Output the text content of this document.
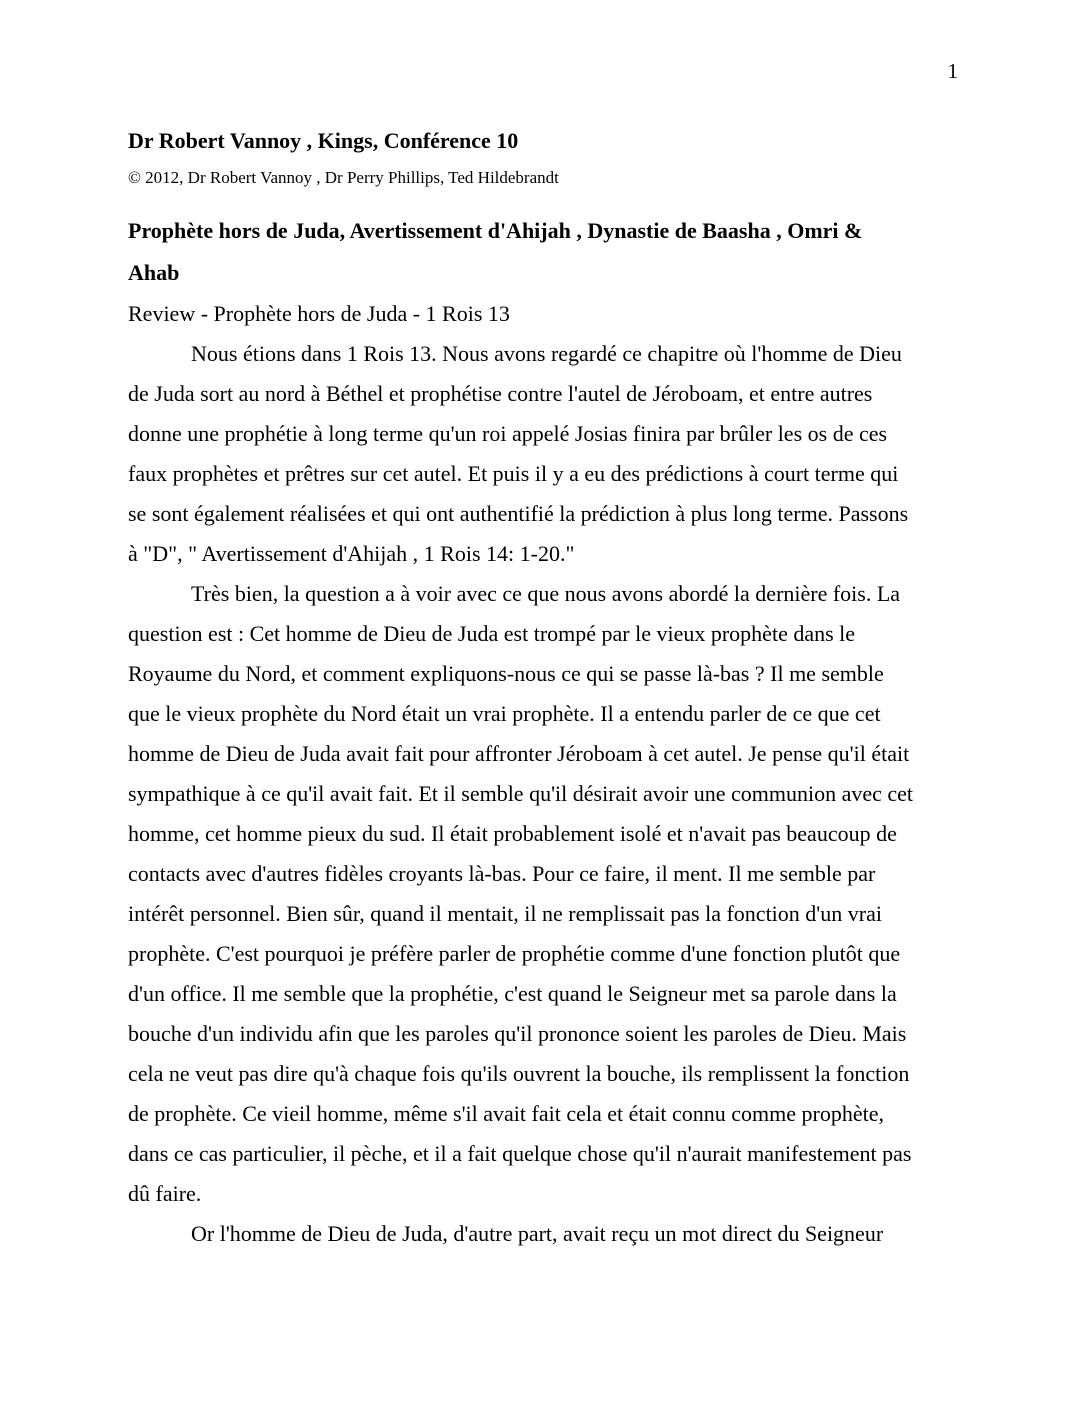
1
Dr Robert Vannoy , Kings, Conférence 10
© 2012, Dr Robert Vannoy , Dr Perry Phillips, Ted Hildebrandt
Prophète hors de Juda, Avertissement d'Ahijah , Dynastie de Baasha , Omri &
Ahab
Review - Prophète hors de Juda - 1 Rois 13
Nous étions dans 1 Rois 13. Nous avons regardé ce chapitre où l'homme de Dieu
de Juda sort au nord à Béthel et prophétise contre l'autel de Jéroboam, et entre autres
donne une prophétie à long terme qu'un roi appelé Josias finira par brûler les os de ces
faux prophètes et prêtres sur cet autel. Et puis il y a eu des prédictions à court terme qui
se sont également réalisées et qui ont authentifié la prédiction à plus long terme. Passons
à "D", " Avertissement d'Ahijah , 1 Rois 14: 1-20."
Très bien, la question a à voir avec ce que nous avons abordé la dernière fois. La
question est : Cet homme de Dieu de Juda est trompé par le vieux prophète dans le
Royaume du Nord, et comment expliquons-nous ce qui se passe là-bas ? Il me semble
que le vieux prophète du Nord était un vrai prophète. Il a entendu parler de ce que cet
homme de Dieu de Juda avait fait pour affronter Jéroboam à cet autel. Je pense qu'il était
sympathique à ce qu'il avait fait. Et il semble qu'il désirait avoir une communion avec cet
homme, cet homme pieux du sud. Il était probablement isolé et n'avait pas beaucoup de
contacts avec d'autres fidèles croyants là-bas. Pour ce faire, il ment. Il me semble par
intérêt personnel. Bien sûr, quand il mentait, il ne remplissait pas la fonction d'un vrai
prophète. C'est pourquoi je préfère parler de prophétie comme d'une fonction plutôt que
d'un office. Il me semble que la prophétie, c'est quand le Seigneur met sa parole dans la
bouche d'un individu afin que les paroles qu'il prononce soient les paroles de Dieu. Mais
cela ne veut pas dire qu'à chaque fois qu'ils ouvrent la bouche, ils remplissent la fonction
de prophète. Ce vieil homme, même s'il avait fait cela et était connu comme prophète,
dans ce cas particulier, il pèche, et il a fait quelque chose qu'il n'aurait manifestement pas
dû faire.
Or l'homme de Dieu de Juda, d'autre part, avait reçu un mot direct du Seigneur
